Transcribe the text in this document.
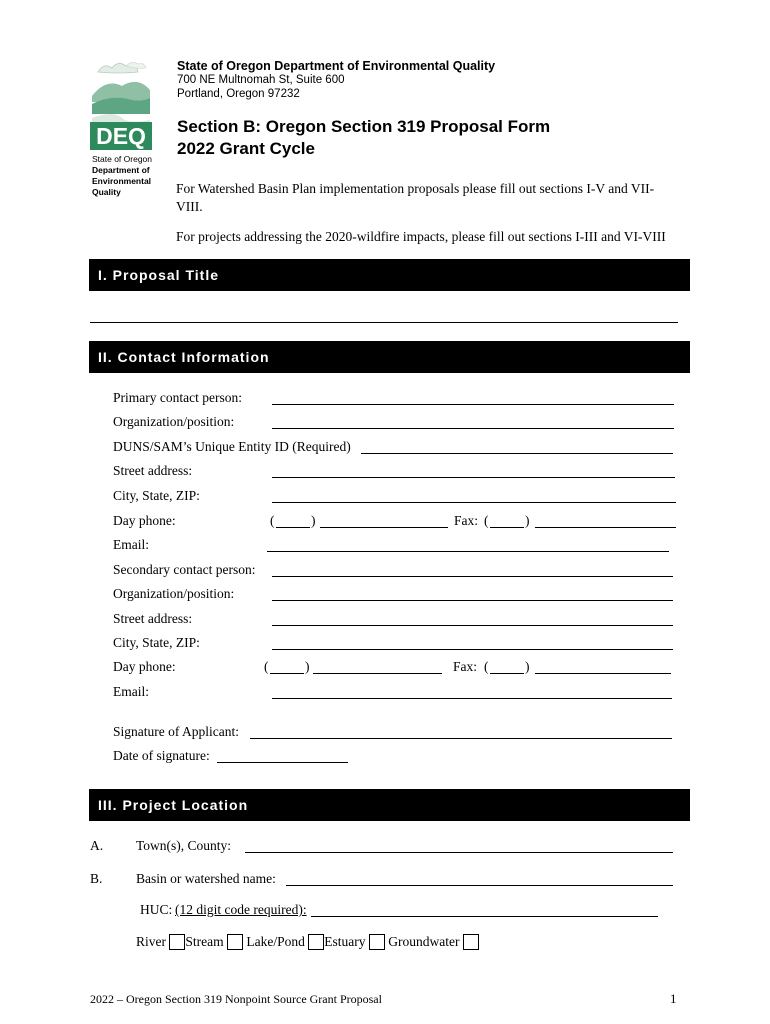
DEQ
State of Oregon
Department of
Environmental
Quality
State of Oregon Department of Environmental Quality
700 NE Multnomah St, Suite 600
Portland, Oregon 97232
Section B: Oregon Section 319 Proposal Form
2022 Grant Cycle
For Watershed Basin Plan implementation proposals please fill out sections I-V and VII-VIII.
For projects addressing the 2020-wildfire impacts, please fill out sections I-III and VI-VIII
I. Proposal Title
II. Contact Information
Primary contact person:
Organization/position:
DUNS/SAM’s Unique Entity ID (Required)
Street address:
City, State, ZIP:
Day phone:	(	)	Fax: (	)
Email:
Secondary contact person:
Organization/position:
Street address:
City, State, ZIP:
Day phone:	(	)	Fax: (	)
Email:
Signature of Applicant:
Date of signature:
III. Project Location
A. Town(s), County:
B. Basin or watershed name:
HUC: (12 digit code required):
River Stream Lake/Pond Estuary Groundwater
2022 – Oregon Section 319 Nonpoint Source Grant Proposal	1
